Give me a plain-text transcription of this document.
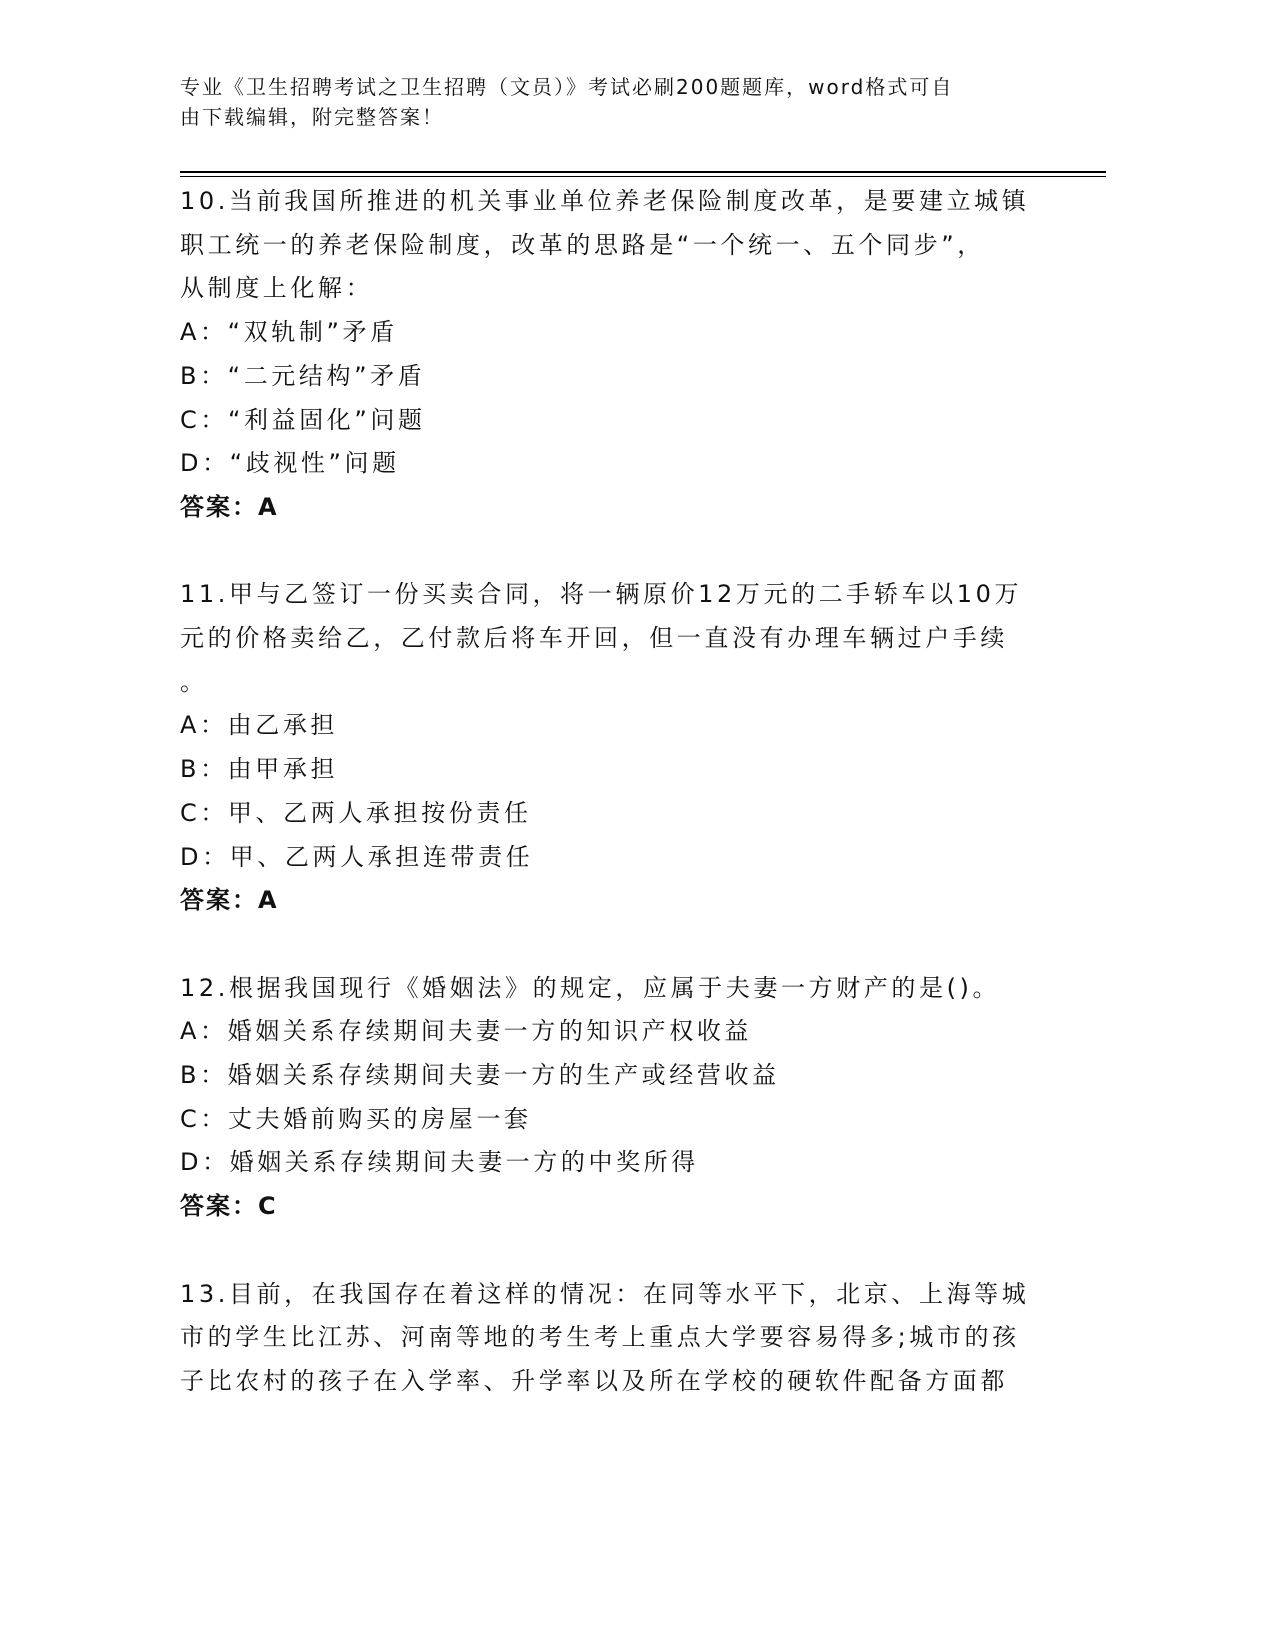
专业《卫生招聘考试之卫生招聘（文员）》考试必刷200题题库，word格式可自
由下载编辑，附完整答案！
10.当前我国所推进的机关事业单位养老保险制度改革，是要建立城镇
职工统一的养老保险制度，改革的思路是“一个统一、五个同步”，
从制度上化解：
A：“双轨制”矛盾
B：“二元结构”矛盾
C：“利益固化”问题
D：“歧视性”问题
答案：A
11.甲与乙签订一份买卖合同，将一辆原价12万元的二手轿车以10万
元的价格卖给乙，乙付款后将车开回，但一直没有办理车辆过户手续
。
A：由乙承担
B：由甲承担
C：甲、乙两人承担按份责任
D：甲、乙两人承担连带责任
答案：A
12.根据我国现行《婚姻法》的规定，应属于夫妻一方财产的是()。
A：婚姻关系存续期间夫妻一方的知识产权收益
B：婚姻关系存续期间夫妻一方的生产或经营收益
C：丈夫婚前购买的房屋一套
D：婚姻关系存续期间夫妻一方的中奖所得
答案：C
13.目前，在我国存在着这样的情况：在同等水平下，北京、上海等城
市的学生比江苏、河南等地的考生考上重点大学要容易得多;城市的孩
子比农村的孩子在入学率、升学率以及所在学校的硬软件配备方面都
